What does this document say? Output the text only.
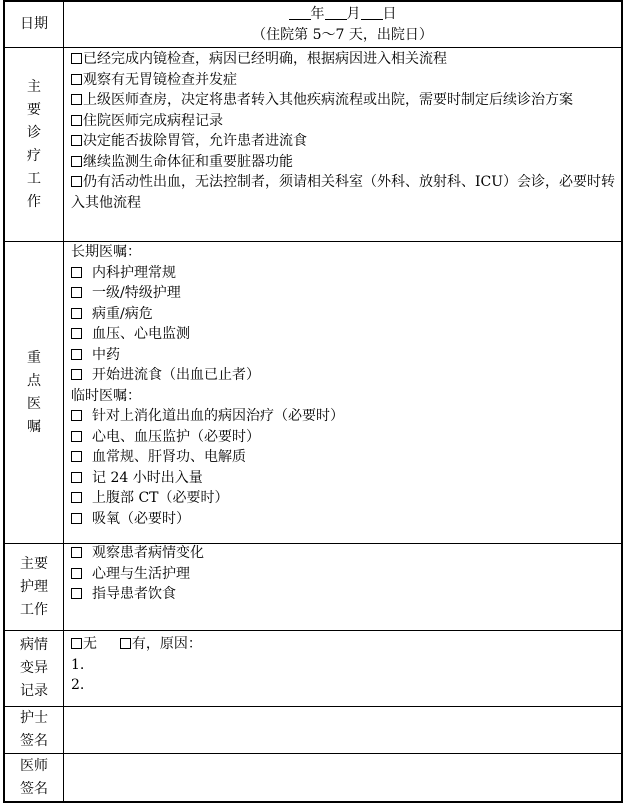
日期
年 月 日
（住院第 5～7 天，出院日）
主
要
诊
疗
工
作
已经完成内镜检查，病因已经明确，根据病因进入相关流程
观察有无胃镜检查并发症
上级医师查房，决定将患者转入其他疾病流程或出院，需要时制定后续诊治方案
住院医师完成病程记录
决定能否拔除胃管，允许患者进流食
继续监测生命体征和重要脏器功能
仍有活动性出血，无法控制者，须请相关科室（外科、放射科、ICU）会诊，必要时转入其他流程
重
点
医
嘱
长期医嘱：
内科护理常规
一级/特级护理
病重/病危
血压、心电监测
中药
开始进流食（出血已止者）
临时医嘱：
针对上消化道出血的病因治疗（必要时）
心电、血压监护（必要时）
血常规、肝肾功、电解质
记 24 小时出入量
上腹部 CT（必要时）
吸氧（必要时）
主要
护理
工作
观察患者病情变化
心理与生活护理
指导患者饮食
病情
变异
记录
无 有，原因：
1.
2.
护士
签名
医师
签名
